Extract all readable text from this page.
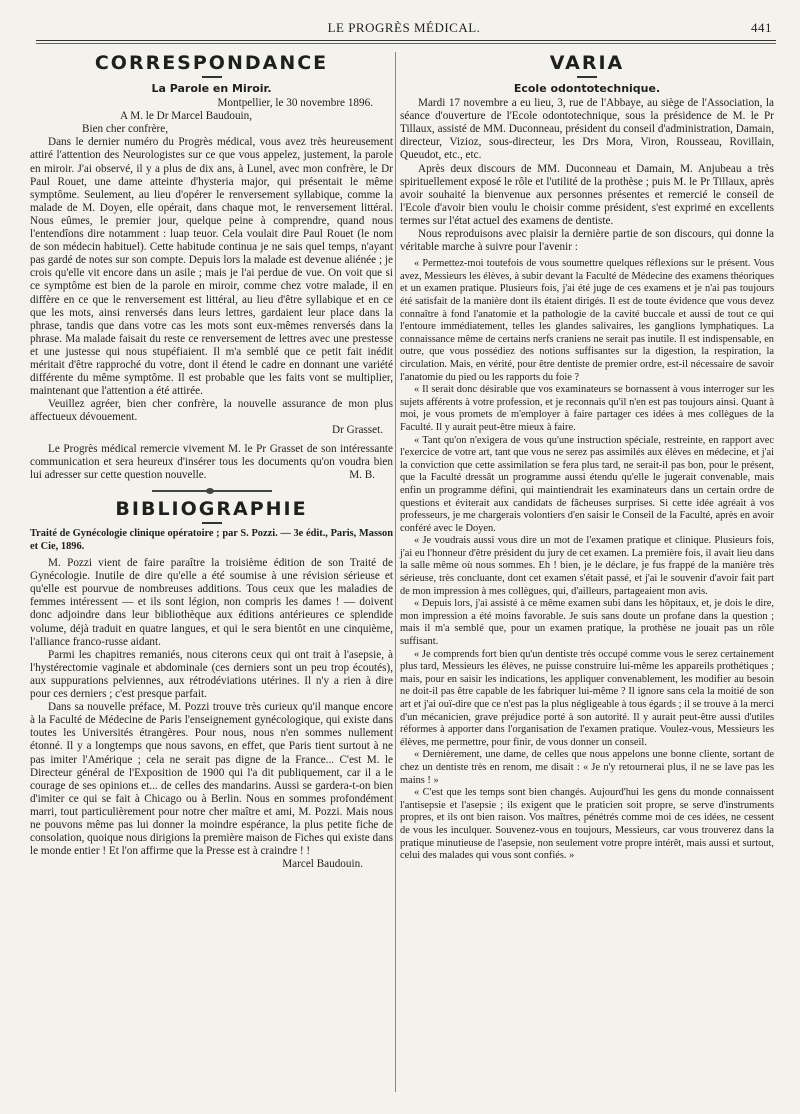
LE PROGRÈS MÉDICAL.	441
CORRESPONDANCE
La Parole en Miroir.

Montpellier, le 30 novembre 1896.

A M. le Dr Marcel Baudouin,

Bien cher confrère,

Dans le dernier numéro du Progrès médical, vous avez très heureusement attiré l'attention des Neurologistes sur ce que vous appelez, justement, la parole en miroir. J'ai observé, il y a plus de dix ans, à Lunel, avec mon confrère, le Dr Paul Rouet, une dame atteinte d'hysteria major, qui présentait le même symptôme. Seulement, au lieu d'opérer le renversement syllabique, comme la malade de M. Doyen, elle opérait, dans chaque mot, le renversement littéral. Nous eûmes, le premier jour, quelque peine à comprendre, quand nous l'entendîons dire notamment : luap teuor. Cela voulait dire Paul Rouet (le nom de son médecin habituel). Cette habitude continua je ne sais quel temps, n'ayant pas gardé de notes sur son compte. Depuis lors la malade est devenue aliénée ; je crois qu'elle vit encore dans un asile ; mais je l'ai perdue de vue. On voit que si ce symptôme est bien de la parole en miroir, comme chez votre malade, il en diffère en ce que le renversement est littéral, au lieu d'être syllabique et en ce que les mots, ainsi renversés dans leurs lettres, gardaient leur place dans la phrase, tandis que dans votre cas les mots sont eux-mêmes renversés dans la phrase. Ma malade faisait du reste ce renversement de lettres avec une prestesse et une justesse qui nous stupéfiaient. Il m'a semblé que ce petit fait inédit méritait d'être rapproché du votre, dont il étend le cadre en donnant une variété différente du même symptôme. Il est probable que les faits vont se multiplier, maintenant que l'attention a été attirée.

Veuillez agréer, bien cher confrère, la nouvelle assurance de mon plus affectueux dévouement.

Dr Grasset.

Le Progrès médical remercie vivement M. le Pr Grasset de son intéressante communication et sera heureux d'insérer tous les documents qu'on voudra bien lui adresser sur cette question nouvelle.	M. B.

BIBLIOGRAPHIE

Traité de Gynécologie clinique opératoire ; par S. Pozzi. — 3e édit., Paris, Masson et Cie, 1896.

M. Pozzi vient de faire paraître la troisième édition de son Traité de Gynécologie. Inutile de dire qu'elle a été soumise à une révision sérieuse et qu'elle est pourvue de nombreuses additions. Tous ceux que les maladies de femmes intéressent — et ils sont légion, non compris les dames ! — doivent donc adjoindre dans leur bibliothèque aux éditions antérieures ce splendide volume, déjà traduit en quatre langues, et qui le sera bientôt en une cinquième, l'alliance franco-russe aidant.

Parmi les chapitres remaniés, nous citerons ceux qui ont trait à l'asepsie, à l'hystérectomie vaginale et abdominale (ces derniers sont un peu trop écoutés), aux suppurations pelviennes, aux rétrodéviations utérines. Il n'y a rien à dire pour ces derniers ; c'est presque parfait.

Dans sa nouvelle préface, M. Pozzi trouve très curieux qu'il manque encore à la Faculté de Médecine de Paris l'enseignement gynécologique, qui existe dans toutes les Universités étrangères. Pour nous, nous n'en sommes nullement étonné. Il y a longtemps que nous savons, en effet, que Paris tient surtout à ne pas imiter l'Amérique ; cela ne serait pas digne de la France... C'est M. le Directeur général de l'Exposition de 1900 qui l'a dit publiquement, car il a le courage de ses opinions et... de celles des mandarins. Aussi se gardera-t-on bien d'imiter ce qui se fait à Chicago ou à Berlin. Nous en sommes profondément marri, tout particulièrement pour notre cher maître et ami, M. Pozzi. Mais nous ne pouvons même pas lui donner la moindre espérance, la plus petite fiche de consolation, quoique nous dirigions la première maison de Fiches qui existe dans le monde entier ! Et l'on affirme que la Presse est à craindre ! !

Marcel Baudouin.

VARIA
Ecole odontotechnique.

Mardi 17 novembre a eu lieu, 3, rue de l'Abbaye, au siège de l'Association, la séance d'ouverture de l'Ecole odontotechnique, sous la présidence de M. le Pr Tillaux, assisté de MM. Duconneau, président du conseil d'administration, Damain, directeur, Vizioz, sous-directeur, les Drs Mora, Viron, Rousseau, Rovillain, Queudot, etc., etc.

Après deux discours de MM. Duconneau et Damain, M. Anjubeau a très spirituellement exposé le rôle et l'utilité de la prothèse ; puis M. le Pr Tillaux, après avoir souhaité la bienvenue aux personnes présentes et remercié le conseil de l'Ecole d'avoir bien voulu le choisir comme président, s'est exprimé en excellents termes sur l'état actuel des examens de dentiste.

Nous reproduisons avec plaisir la dernière partie de son discours, qui donne la véritable marche à suivre pour l'avenir :

« Permettez-moi toutefois de vous soumettre quelques réflexions sur le présent. Vous avez, Messieurs les élèves, à subir devant la Faculté de Médecine des examens théoriques et un examen pratique. Plusieurs fois, j'ai été juge de ces examens et je n'ai pas toujours été satisfait de la manière dont ils étaient dirigés. Il est de toute évidence que vous devez connaître à fond l'anatomie et la pathologie de la cavité buccale et aussi de tout ce qui l'entoure immédiatement, telles les glandes salivaires, les ganglions lymphatiques. La connaissance même de certains nerfs craniens ne serait pas inutile. Il est indispensable, en outre, que vous possédiez des notions suffisantes sur la digestion, la respiration, la circulation. Mais, en vérité, pour être dentiste de premier ordre, est-il nécessaire de savoir l'anatomie du pied ou les rapports du foie ?

« Il serait donc désirable que vos examinateurs se bornassent à vous interroger sur les sujets afférents à votre profession, et je reconnais qu'il n'en est pas toujours ainsi. Quant à moi, je vous promets de m'employer à faire partager ces idées à mes collègues de la Faculté. Il y aurait peut-être mieux à faire.

« Tant qu'on n'exigera de vous qu'une instruction spéciale, restreinte, en rapport avec l'exercice de votre art, tant que vous ne serez pas assimilés aux élèves en médecine, et j'ai la conviction que cette assimilation se fera plus tard, ne serait-il pas bon, pour le présent, que la Faculté dressât un programme aussi étendu qu'elle le jugerait convenable, mais enfin un programme défini, qui maintiendrait les examinateurs dans un certain ordre de questions et éviterait aux candidats de fâcheuses surprises. Si cette idée agréait à vos professeurs, je me chargerais volontiers d'en saisir le Conseil de la Faculté, après en avoir conféré avec le Doyen.

« Je voudrais aussi vous dire un mot de l'examen pratique et clinique. Plusieurs fois, j'ai eu l'honneur d'être président du jury de cet examen. La première fois, il avait lieu dans la salle même où nous sommes. Eh ! bien, je le déclare, je fus frappé de la manière très sérieuse, très concluante, dont cet examen s'était passé, et j'ai le souvenir d'avoir fait part de mon impression à mes collègues, qui, d'ailleurs, partageaient mon avis.

« Depuis lors, j'ai assisté à ce même examen subi dans les hôpitaux, et, je dois le dire, mon impression a été moins favorable. Je suis sans doute un profane dans la question ; mais il m'a semblé que, pour un examen pratique, la prothèse ne jouait pas un rôle suffisant.

« Je comprends fort bien qu'un dentiste très occupé comme vous le serez certainement plus tard, Messieurs les élèves, ne puisse construire lui-même les appareils prothétiques ; mais, pour en saisir les indications, les appliquer convenablement, les modifier au besoin ne doit-il pas être capable de les fabriquer lui-même ? Il ignore sans cela la moitié de son art et j'ai ouï-dire que ce n'est pas la plus négligeable à tous égards ; il se trouve à la merci d'un mécanicien, grave préjudice porté à son autorité. Il y aurait peut-être aussi d'utiles réformes à apporter dans l'organisation de l'examen pratique. Voulez-vous, Messieurs les élèves, me permettre, pour finir, de vous donner un conseil.

« Dernièrement, une dame, de celles que nous appelons une bonne cliente, sortant de chez un dentiste très en renom, me disait : « Je n'y retournerai plus, il ne se lave pas les mains ! »

« C'est que les temps sont bien changés. Aujourd'hui les gens du monde connaissent l'antisepsie et l'asepsie ; ils exigent que le praticien soit propre, se serve d'instruments propres, et ils ont bien raison. Vos maîtres, pénétrés comme moi de ces idées, ne cessent de vous les inculquer. Souvenez-vous en toujours, Messieurs, car vous trouverez dans la pratique minutieuse de l'asepsie, non seulement votre propre intérêt, mais aussi et surtout, celui des malades qui vous sont confiés. »
